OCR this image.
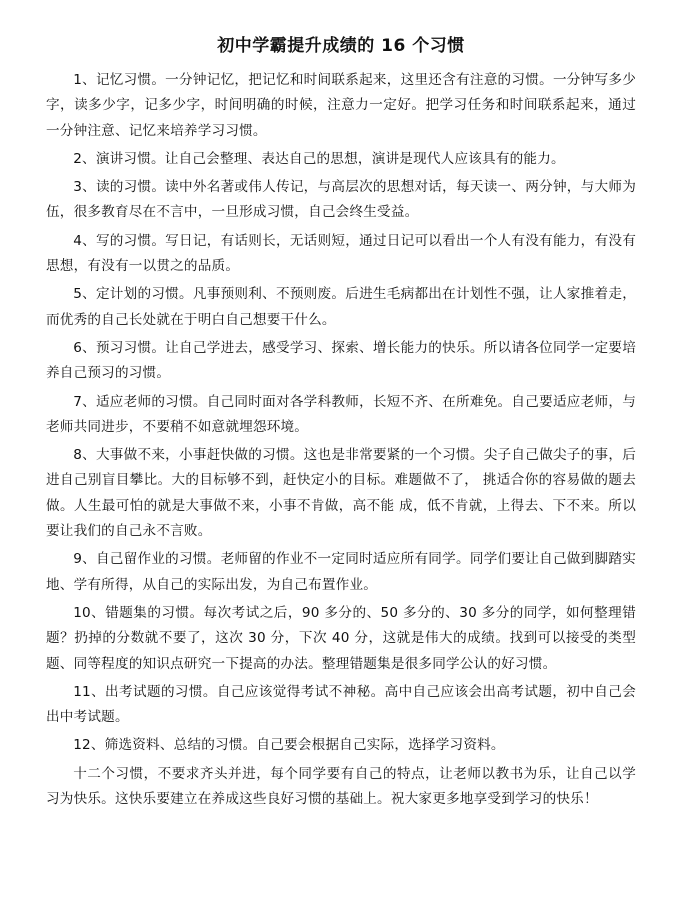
初中学霸提升成绩的 16 个习惯

1、记忆习惯。一分钟记忆，把记忆和时间联系起来，这里还含有注意的习惯。一分钟写多少字，读多少字，记多少字，时间明确的时候，注意力一定好。把学习任务和时间联系起来，通过一分钟注意、记忆来培养学习习惯。

2、演讲习惯。让自己会整理、表达自己的思想，演讲是现代人应该具有的能力。

3、读的习惯。读中外名著或伟人传记，与高层次的思想对话，每天读一、两分钟，与大师为伍，很多教育尽在不言中，一旦形成习惯，自己会终生受益。

4、写的习惯。写日记，有话则长，无话则短，通过日记可以看出一个人有没有能力，有没有思想，有没有一以贯之的品质。

5、定计划的习惯。凡事预则利、不预则废。后进生毛病都出在计划性不强，让人家推着走，而优秀的自己长处就在于明白自己想要干什么。

6、预习习惯。让自己学进去，感受学习、探索、增长能力的快乐。所以请各位同学一定要培养自己预习的习惯。

7、适应老师的习惯。自己同时面对各学科教师，长短不齐、在所难免。自己要适应老师，与老师共同进步，不要稍不如意就埋怨环境。

8、大事做不来，小事赶快做的习惯。这也是非常要紧的一个习惯。尖子自己做尖子的事，后进自己别盲目攀比。大的目标够不到，赶快定小的目标。难题做不了， 挑适合你的容易做的题去做。人生最可怕的就是大事做不来，小事不肯做，高不能 成，低不肯就，上得去、下不来。所以要让我们的自己永不言败。

9、自己留作业的习惯。老师留的作业不一定同时适应所有同学。同学们要让自己做到脚踏实地、学有所得，从自己的实际出发，为自己布置作业。

10、错题集的习惯。每次考试之后，90 多分的、50 多分的、30 多分的同学，如何整理错题？扔掉的分数就不要了，这次 30 分，下次 40 分，这就是伟大的成绩。找到可以接受的类型题、同等程度的知识点研究一下提高的办法。整理错题集是很多同学公认的好习惯。

11、出考试题的习惯。自己应该觉得考试不神秘。高中自己应该会出高考试题，初中自己会出中考试题。

12、筛选资料、总结的习惯。自己要会根据自己实际，选择学习资料。

十二个习惯，不要求齐头并进，每个同学要有自己的特点，让老师以教书为乐，让自己以学习为快乐。这快乐要建立在养成这些良好习惯的基础上。祝大家更多地享受到学习的快乐！
